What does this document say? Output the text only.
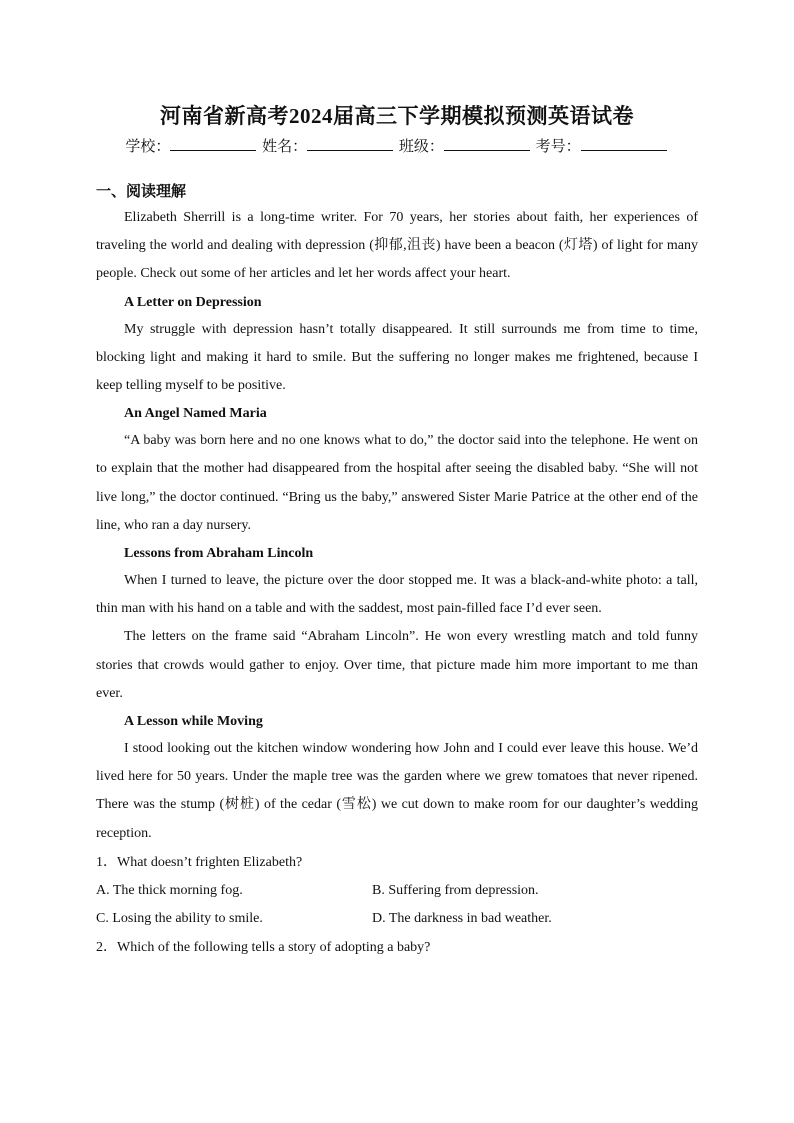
河南省新高考2024届高三下学期模拟预测英语试卷
学校：	姓名：	班级：	考号：

一、阅读理解

Elizabeth Sherrill is a long-time writer. For 70 years, her stories about faith, her experiences of traveling the world and dealing with depression (抑郁,沮丧) have been a beacon (灯塔) of light for many people. Check out some of her articles and let her words affect your heart.

A Letter on Depression

My struggle with depression hasn’t totally disappeared. It still surrounds me from time to time, blocking light and making it hard to smile. But the suffering no longer makes me frightened, because I keep telling myself to be positive.

An Angel Named Maria

“A baby was born here and no one knows what to do,” the doctor said into the telephone. He went on to explain that the mother had disappeared from the hospital after seeing the disabled baby. “She will not live long,” the doctor continued. “Bring us the baby,” answered Sister Marie Patrice at the other end of the line, who ran a day nursery.

Lessons from Abraham Lincoln

When I turned to leave, the picture over the door stopped me. It was a black-and-white photo: a tall, thin man with his hand on a table and with the saddest, most pain-filled face I’d ever seen.

The letters on the frame said “Abraham Lincoln”. He won every wrestling match and told funny stories that crowds would gather to enjoy. Over time, that picture made him more important to me than ever.

A Lesson while Moving

I stood looking out the kitchen window wondering how John and I could ever leave this house. We’d lived here for 50 years. Under the maple tree was the garden where we grew tomatoes that never ripened. There was the stump (树桩) of the cedar (雪松) we cut down to make room for our daughter’s wedding reception.

1．What doesn’t frighten Elizabeth?

A. The thick morning fog.	B. Suffering from depression.
C. Losing the ability to smile.	D. The darkness in bad weather.

2．Which of the following tells a story of adopting a baby?
